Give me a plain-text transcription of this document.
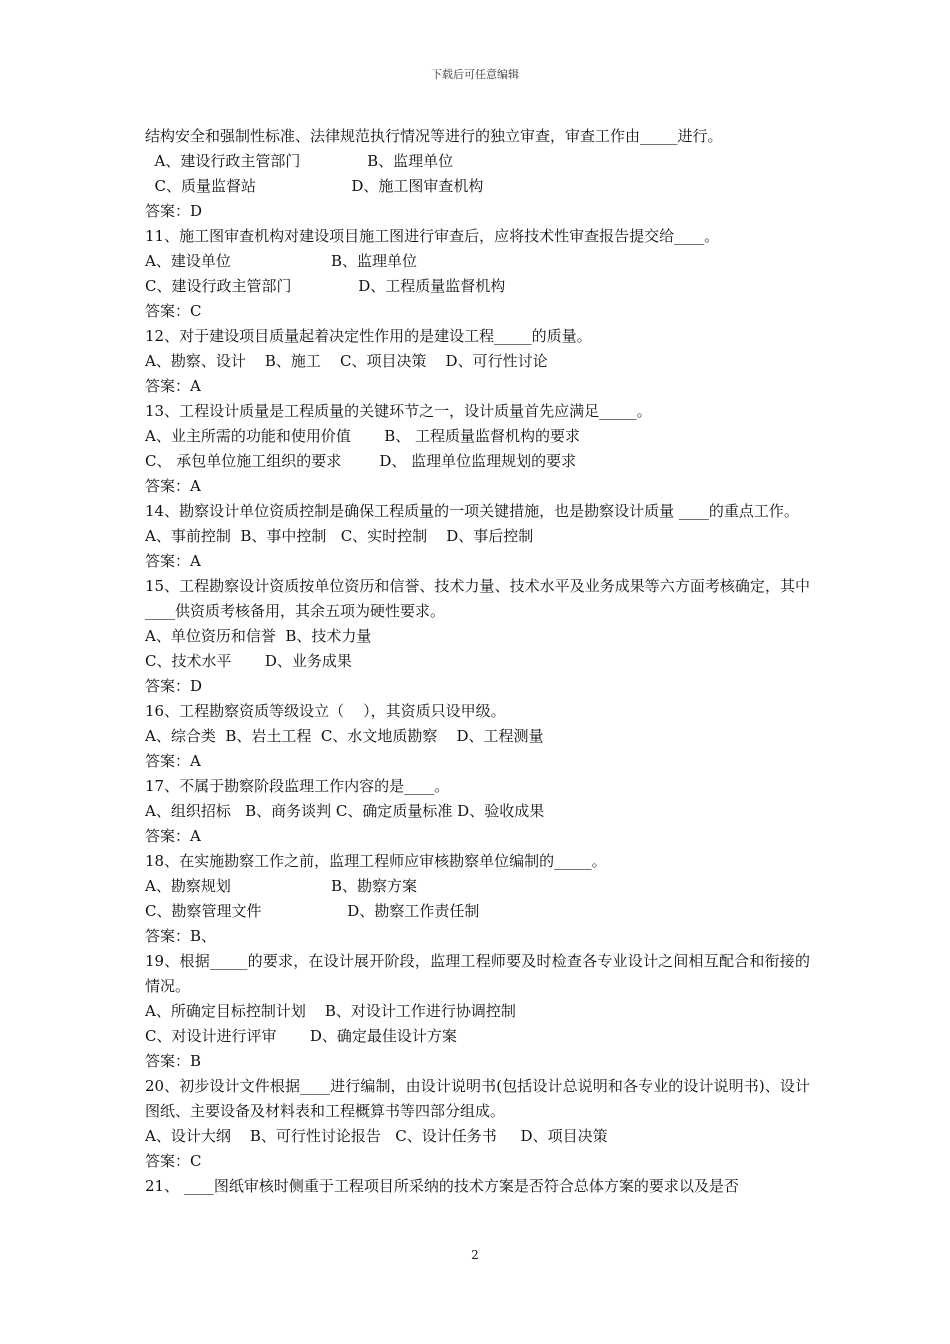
下载后可任意编辑
结构安全和强制性标准、法律规范执行情况等进行的独立审查，审查工作由_____进行。
A、建设行政主管部门              B、监理单位
C、质量监督站                    D、施工图审查机构
答案：D
11、施工图审查机构对建设项目施工图进行审查后，应将技术性审查报告提交给____。
A、建设单位                     B、监理单位
C、建设行政主管部门              D、工程质量监督机构
答案：C
12、对于建设项目质量起着决定性作用的是建设工程_____的质量。
A、勘察、设计    B、施工    C、项目决策    D、可行性讨论
答案：A
13、工程设计质量是工程质量的关键环节之一，设计质量首先应满足_____。
A、业主所需的功能和使用价值       B、 工程质量监督机构的要求
C、 承包单位施工组织的要求        D、 监理单位监理规划的要求
答案：A
14、勘察设计单位资质控制是确保工程质量的一项关键措施，也是勘察设计质量 ____的重点工作。
A、事前控制  B、事中控制   C、实时控制    D、事后控制
答案：A
15、工程勘察设计资质按单位资历和信誉、技术力量、技术水平及业务成果等六方面考核确定，其中____供资质考核备用，其余五项为硬性要求。
A、单位资历和信誉  B、技术力量
C、技术水平       D、业务成果
答案：D
16、工程勘察资质等级设立（    ），其资质只设甲级。
A、综合类  B、岩土工程  C、水文地质勘察    D、工程测量
答案：A
17、不属于勘察阶段监理工作内容的是____。
A、组织招标   B、商务谈判 C、确定质量标准 D、验收成果
答案：A
18、在实施勘察工作之前，监理工程师应审核勘察单位编制的_____。
A、勘察规划                     B、勘察方案
C、勘察管理文件                  D、勘察工作责任制
答案：B、
19、根据_____的要求，在设计展开阶段，监理工程师要及时检查各专业设计之间相互配合和衔接的情况。
A、所确定目标控制计划    B、对设计工作进行协调控制
C、对设计进行评审       D、确定最佳设计方案
答案：B
20、初步设计文件根据____进行编制，由设计说明书(包括设计总说明和各专业的设计说明书)、设计图纸、主要设备及材料表和工程概算书等四部分组成。
A、设计大纲    B、可行性讨论报告   C、设计任务书     D、项目决策
答案：C
21、 ____图纸审核时侧重于工程项目所采纳的技术方案是否符合总体方案的要求以及是否
2
